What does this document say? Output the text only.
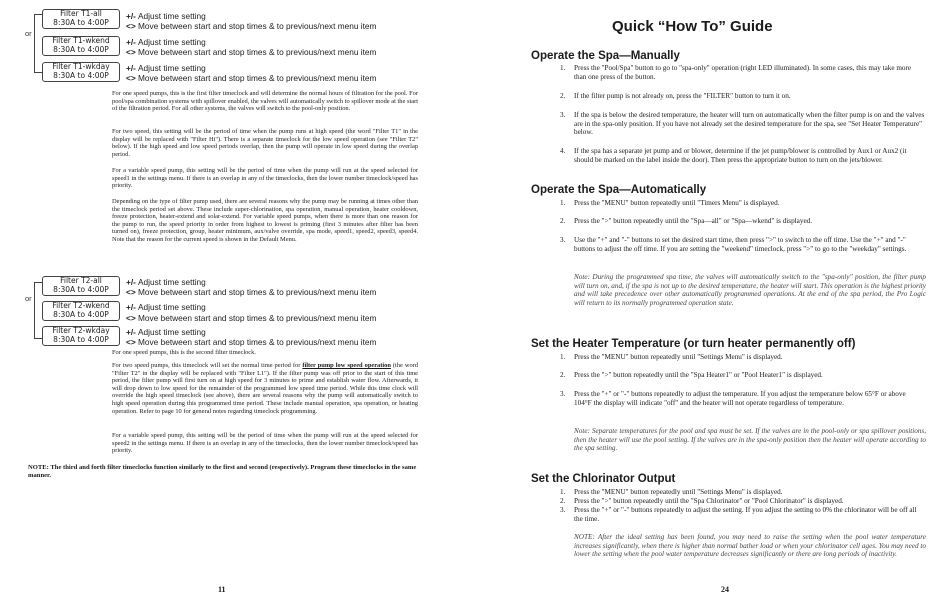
or
Filter T1-all
8:30A to 4:00P
+/- Adjust time setting
<> Move between start and stop times & to previous/next menu item
Filter T1-wkend
8:30A to 4:00P
+/- Adjust time setting
<> Move between start and stop times & to previous/next menu item
Filter T1-wkday
8:30A to 4:00P
+/- Adjust time setting
<> Move between start and stop times & to previous/next menu item

For one speed pumps, this is the first filter timeclock and will determine the normal hours of filtration for the pool. For pool/spa combination systems with spillover enabled, the valves will automatically switch to spillover mode at the start of the filtration period. For all other systems, the valves will switch to the pool-only position.

For two speed, this setting will be the period of time when the pump runs at high speed (the word "Filter T1" in the display will be replaced with "Filter Hi"). There is a separate timeclock for the low speed operation (see "Filter T2" below). If the high speed and low speed periods overlap, then the pump will operate in low speed during the overlap period.

For a variable speed pump, this setting will be the period of time when the pump will run at the speed selected for speed1 in the settings menu. If there is an overlap in any of the timeclocks, then the lower number timeclock/speed has priority.

Depending on the type of filter pump used, there are several reasons why the pump may be running at times other than the timeclock period set above. These include super-chlorination, spa operation, manual operation, heater cooldown, freeze protection, heater-extend and solar-extend. For variable speed pumps, when there is more than one reason for the pump to run, the speed priority in order from highest to lowest is priming (first 3 minutes after filter has been turned on), freeze protection, group, heater minimum, aux/valve override, spa mode, speed1, speed2, speed3, speed4. Note that the reason for the current speed is shown in the Default Menu.

or
Filter T2-all
8:30A to 4:00P
+/- Adjust time setting
<> Move between start and stop times & to previous/next menu item
Filter T2-wkend
8:30A to 4:00P
+/- Adjust time setting
<> Move between start and stop times & to previous/next menu item
Filter T2-wkday
8:30A to 4:00P
+/- Adjust time setting
<> Move between start and stop times & to previous/next menu item

For one speed pumps, this is the second filter timeclock.

For two speed pumps, this timeclock will set the normal time period for filter pump low speed operation (the word "Filter T2" in the display will be replaced with "Filter L1"). If the filter pump was off prior to the start of this time period, the filter pump will first turn on at high speed for 3 minutes to prime and establish water flow. Afterwards, it will drop down to low speed for the remainder of the programmed low speed time period. While this time clock will override the high speed timeclock (see above), there are several reasons why the pump will automatically switch to high speed operation during this programmed time period. These include manual operation, spa operation, or heating operation. Refer to page 10 for general notes regarding timeclock programming.

For a variable speed pump, this setting will be the period of time when the pump will run at the speed selected for speed2 in the settings menu. If there is an overlap in any of the timeclocks, then the lower number timeclock/speed has priority.

NOTE: The third and forth filter timeclocks function similarly to the first and second (respectively). Program these timeclocks in the same manner.

11
Quick “How To” Guide
Operate the Spa—Manually
1. Press the "Pool/Spa" button to go to "spa-only" operation (right LED illuminated). In some cases, this may take more than one press of the button.
2. If the filter pump is not already on, press the "FILTER" button to turn it on.
3. If the spa is below the desired temperature, the heater will turn on automatically when the filter pump is on and the valves are in the spa-only position. If you have not already set the desired temperature for the spa, see "Set Heater Temperature" below.
4. If the spa has a separate jet pump and or blower, determine if the jet pump/blower is controlled by Aux1 or Aux2 (it should be marked on the label inside the door). Then press the appropriate button to turn on the jets/blower.
Operate the Spa—Automatically
1. Press the "MENU" button repeatedly until "Timers Menu" is displayed.
2. Press the ">" button repeatedly until the "Spa—all" or "Spa—wkend" is displayed.
3. Use the "+" and "-" buttons to set the desired start time, then press ">" to switch to the off time. Use the "+" and "-" buttons to adjust the off time. If you are setting the "weekend" timeclock, press ">" to go to the "weekday" settings.

Note: During the programmed spa time, the valves will automatically switch to the "spa-only" position, the filter pump will turn on, and, if the spa is not up to the desired temperature, the heater will start. This operation is the highest priority and will take precedence over other automatically programmed operations. At the end of the spa period, the Pro Logic will return to its normally programmed operation state.

Set the Heater Temperature (or turn heater permanently off)
1. Press the "MENU" button repeatedly until "Settings Menu" is displayed.
2. Press the ">" button repeatedly until the "Spa Heater1" or "Pool Heater1" is displayed.
3. Press the "+" or "-" buttons repeatedly to adjust the temperature. If you adjust the temperature below 65°F or above 104°F the display will indicate "off" and the heater will not operate regardless of temperature.

Note: Separate temperatures for the pool and spa must be set. If the valves are in the pool-only or spa spillover positions, then the heater will use the pool setting. If the valves are in the spa-only position then the heater will operate according to the spa setting.

Set the Chlorinator Output
1. Press the "MENU" button repeatedly until "Settings Menu" is displayed.
2. Press the ">" button repeatedly until the "Spa Chlorinator" or "Pool Chlorinator" is displayed.
3. Press the "+" or "-" buttons repeatedly to adjust the setting. If you adjust the setting to 0% the chlorinator will be off all the time.

NOTE: After the ideal setting has been found, you may need to raise the setting when the pool water temperature increases significantly, when there is higher than normal bather load or when your chlorinator cell ages. You may need to lower the setting when the pool water temperature decreases significantly or there are long periods of inactivity.

24
